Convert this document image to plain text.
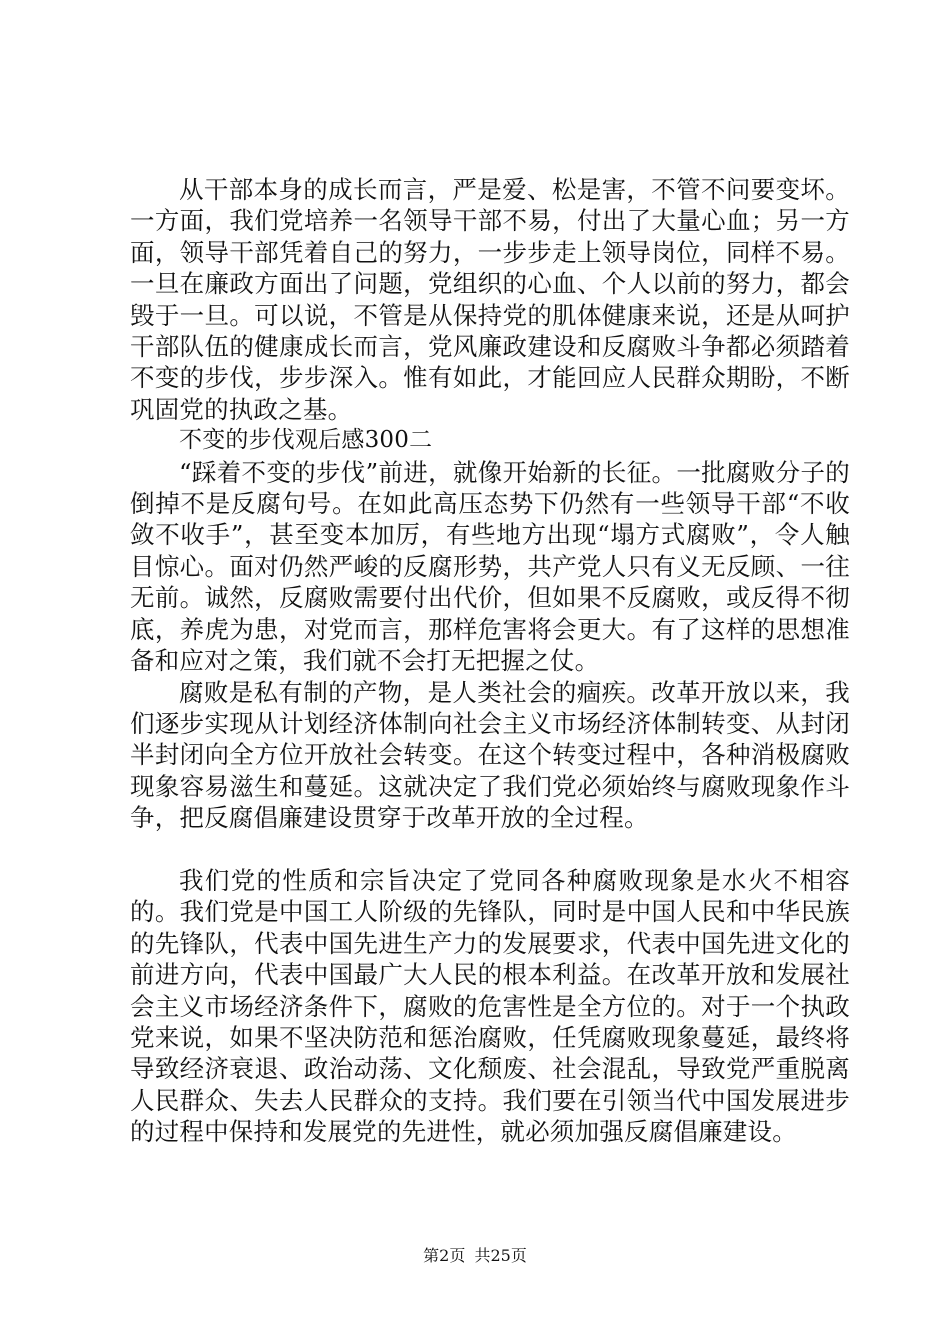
从干部本身的成长而言，严是爱、松是害，不管不问要变坏。一方面，我们党培养一名领导干部不易，付出了大量心血；另一方面，领导干部凭着自己的努力，一步步走上领导岗位，同样不易。一旦在廉政方面出了问题，党组织的心血、个人以前的努力，都会毁于一旦。可以说，不管是从保持党的肌体健康来说，还是从呵护干部队伍的健康成长而言，党风廉政建设和反腐败斗争都必须踏着不变的步伐，步步深入。惟有如此，才能回应人民群众期盼，不断巩固党的执政之基。

不变的步伐观后感300二

“踩着不变的步伐”前进，就像开始新的长征。一批腐败分子的倒掉不是反腐句号。在如此高压态势下仍然有一些领导干部“不收敛不收手”，甚至变本加厉，有些地方出现“塌方式腐败”，令人触目惊心。面对仍然严峻的反腐形势，共产党人只有义无反顾、一往无前。诚然，反腐败需要付出代价，但如果不反腐败，或反得不彻底，养虎为患，对党而言，那样危害将会更大。有了这样的思想准备和应对之策，我们就不会打无把握之仗。

腐败是私有制的产物，是人类社会的痼疾。改革开放以来，我们逐步实现从计划经济体制向社会主义市场经济体制转变、从封闭半封闭向全方位开放社会转变。在这个转变过程中，各种消极腐败现象容易滋生和蔓延。这就决定了我们党必须始终与腐败现象作斗争，把反腐倡廉建设贯穿于改革开放的全过程。

我们党的性质和宗旨决定了党同各种腐败现象是水火不相容的。我们党是中国工人阶级的先锋队，同时是中国人民和中华民族的先锋队，代表中国先进生产力的发展要求，代表中国先进文化的前进方向，代表中国最广大人民的根本利益。在改革开放和发展社会主义市场经济条件下，腐败的危害性是全方位的。对于一个执政党来说，如果不坚决防范和惩治腐败，任凭腐败现象蔓延，最终将导致经济衰退、政治动荡、文化颓废、社会混乱，导致党严重脱离人民群众、失去人民群众的支持。我们要在引领当代中国发展进步的过程中保持和发展党的先进性，就必须加强反腐倡廉建设。

第2页 共25页
